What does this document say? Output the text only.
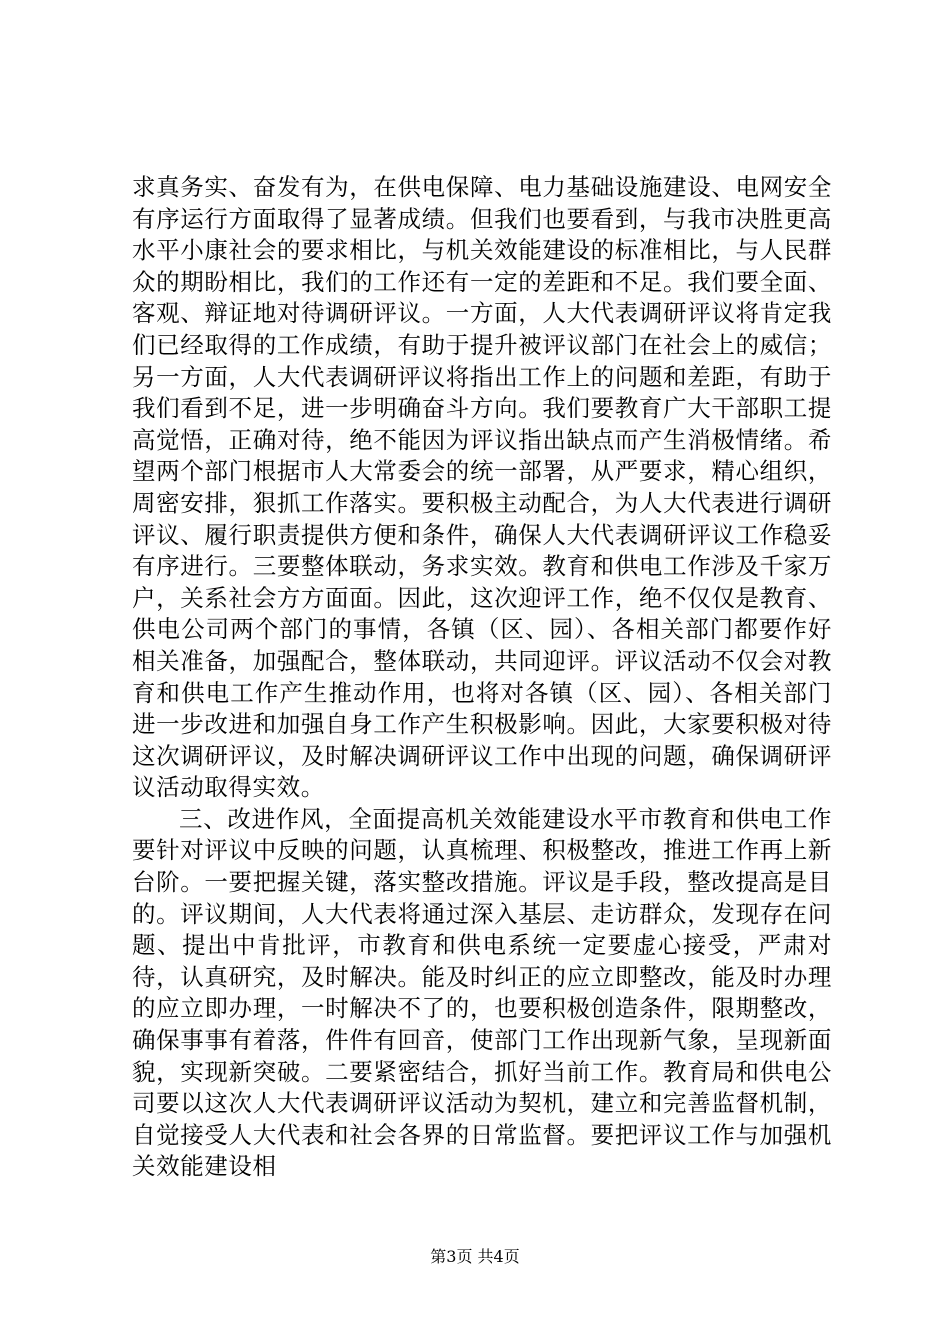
求真务实、奋发有为，在供电保障、电力基础设施建设、电网安全有序运行方面取得了显著成绩。但我们也要看到，与我市决胜更高水平小康社会的要求相比，与机关效能建设的标准相比，与人民群众的期盼相比，我们的工作还有一定的差距和不足。我们要全面、客观、辩证地对待调研评议。一方面，人大代表调研评议将肯定我们已经取得的工作成绩，有助于提升被评议部门在社会上的威信；另一方面，人大代表调研评议将指出工作上的问题和差距，有助于我们看到不足，进一步明确奋斗方向。我们要教育广大干部职工提高觉悟，正确对待，绝不能因为评议指出缺点而产生消极情绪。希望两个部门根据市人大常委会的统一部署，从严要求，精心组织，周密安排，狠抓工作落实。要积极主动配合，为人大代表进行调研评议、履行职责提供方便和条件，确保人大代表调研评议工作稳妥有序进行。三要整体联动，务求实效。教育和供电工作涉及千家万户，关系社会方方面面。因此，这次迎评工作，绝不仅仅是教育、供电公司两个部门的事情，各镇（区、园）、各相关部门都要作好相关准备，加强配合，整体联动，共同迎评。评议活动不仅会对教育和供电工作产生推动作用，也将对各镇（区、园）、各相关部门进一步改进和加强自身工作产生积极影响。因此，大家要积极对待这次调研评议，及时解决调研评议工作中出现的问题，确保调研评议活动取得实效。

三、改进作风，全面提高机关效能建设水平市教育和供电工作要针对评议中反映的问题，认真梳理、积极整改，推进工作再上新台阶。一要把握关键，落实整改措施。评议是手段，整改提高是目的。评议期间，人大代表将通过深入基层、走访群众，发现存在问题、提出中肯批评，市教育和供电系统一定要虚心接受，严肃对待，认真研究，及时解决。能及时纠正的应立即整改，能及时办理的应立即办理，一时解决不了的，也要积极创造条件，限期整改，确保事事有着落，件件有回音，使部门工作出现新气象，呈现新面貌，实现新突破。二要紧密结合，抓好当前工作。教育局和供电公司要以这次人大代表调研评议活动为契机，建立和完善监督机制，自觉接受人大代表和社会各界的日常监督。要把评议工作与加强机关效能建设相

第3页 共4页
